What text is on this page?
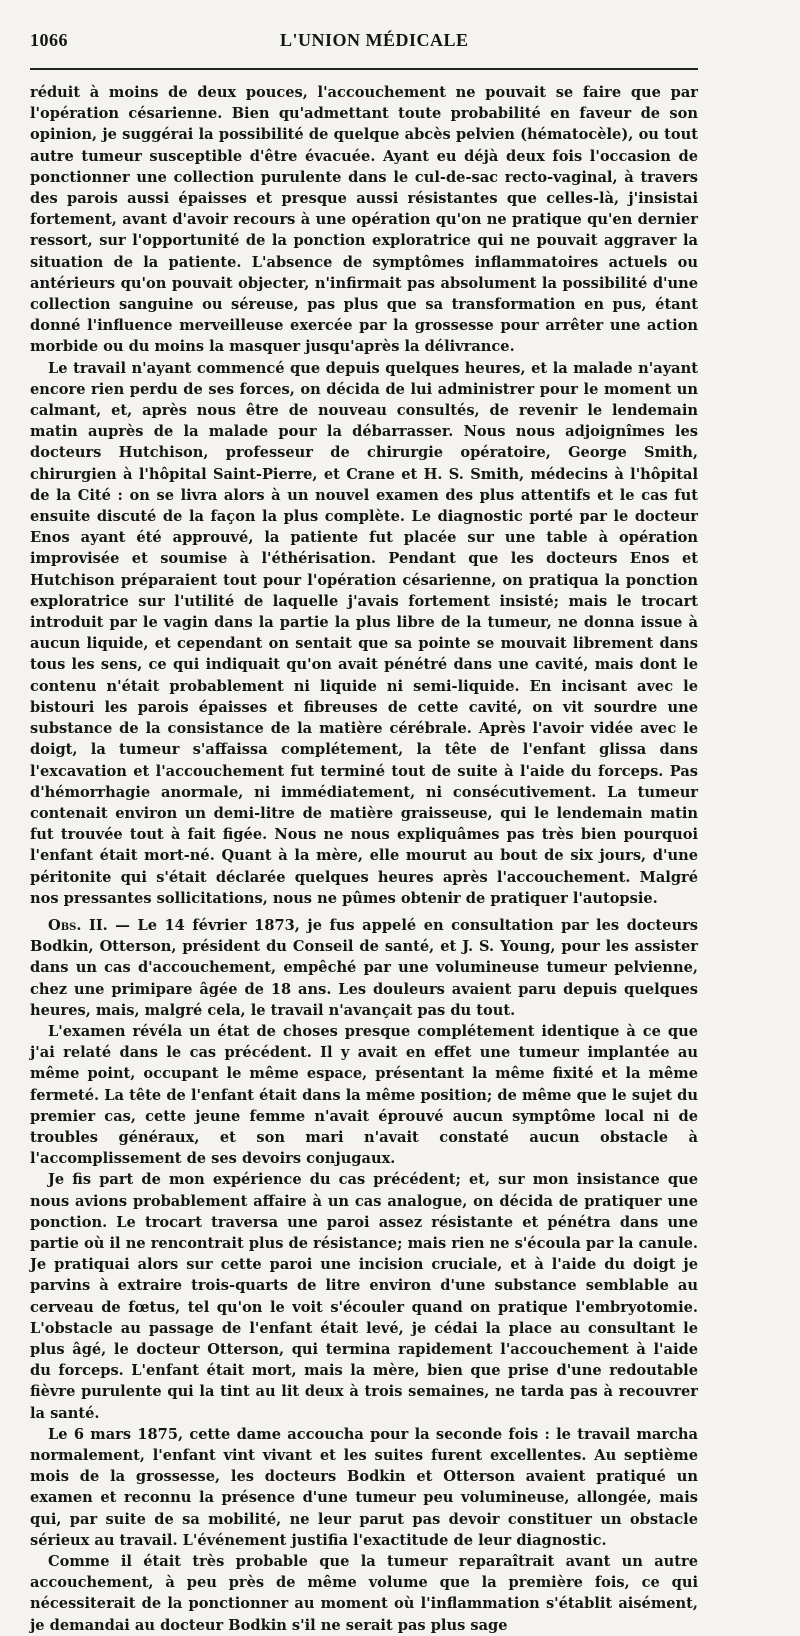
1066	L'UNION MÉDICALE

réduit à moins de deux pouces, l'accouchement ne pouvait se faire que par l'opération césarienne. Bien qu'admettant toute probabilité en faveur de son opinion, je suggérai la possibilité de quelque abcès pelvien (hématocèle), ou tout autre tumeur susceptible d'être évacuée. Ayant eu déjà deux fois l'occasion de ponctionner une collection purulente dans le cul-de-sac recto-vaginal, à travers des parois aussi épaisses et presque aussi résistantes que celles-là, j'insistai fortement, avant d'avoir recours à une opération qu'on ne pratique qu'en dernier ressort, sur l'opportunité de la ponction exploratrice qui ne pouvait aggraver la situation de la patiente. L'absence de symptômes inflammatoires actuels ou antérieurs qu'on pouvait objecter, n'infirmait pas absolument la possibilité d'une collection sanguine ou séreuse, pas plus que sa transformation en pus, étant donné l'influence merveilleuse exercée par la grossesse pour arrêter une action morbide ou du moins la masquer jusqu'après la délivrance.

Le travail n'ayant commencé que depuis quelques heures, et la malade n'ayant encore rien perdu de ses forces, on décida de lui administrer pour le moment un calmant, et, après nous être de nouveau consultés, de revenir le lendemain matin auprès de la malade pour la débarrasser. Nous nous adjoignîmes les docteurs Hutchison, professeur de chirurgie opératoire, George Smith, chirurgien à l'hôpital Saint-Pierre, et Crane et H. S. Smith, médecins à l'hôpital de la Cité : on se livra alors à un nouvel examen des plus attentifs et le cas fut ensuite discuté de la façon la plus complète. Le diagnostic porté par le docteur Enos ayant été approuvé, la patiente fut placée sur une table à opération improvisée et soumise à l'éthérisation. Pendant que les docteurs Enos et Hutchison préparaient tout pour l'opération césarienne, on pratiqua la ponction exploratrice sur l'utilité de laquelle j'avais fortement insisté; mais le trocart introduit par le vagin dans la partie la plus libre de la tumeur, ne donna issue à aucun liquide, et cependant on sentait que sa pointe se mouvait librement dans tous les sens, ce qui indiquait qu'on avait pénétré dans une cavité, mais dont le contenu n'était probablement ni liquide ni semi-liquide. En incisant avec le bistouri les parois épaisses et fibreuses de cette cavité, on vit sourdre une substance de la consistance de la matière cérébrale. Après l'avoir vidée avec le doigt, la tumeur s'affaissa complétement, la tête de l'enfant glissa dans l'excavation et l'accouchement fut terminé tout de suite à l'aide du forceps. Pas d'hémorrhagie anormale, ni immédiatement, ni consécutivement. La tumeur contenait environ un demi-litre de matière graisseuse, qui le lendemain matin fut trouvée tout à fait figée. Nous ne nous expliquâmes pas très bien pourquoi l'enfant était mort-né. Quant à la mère, elle mourut au bout de six jours, d'une péritonite qui s'était déclarée quelques heures après l'accouchement. Malgré nos pressantes sollicitations, nous ne pûmes obtenir de pratiquer l'autopsie.

Obs. II. — Le 14 février 1873, je fus appelé en consultation par les docteurs Bodkin, Otterson, président du Conseil de santé, et J. S. Young, pour les assister dans un cas d'accouchement, empêché par une volumineuse tumeur pelvienne, chez une primipare âgée de 18 ans. Les douleurs avaient paru depuis quelques heures, mais, malgré cela, le travail n'avançait pas du tout.

L'examen révéla un état de choses presque complétement identique à ce que j'ai relaté dans le cas précédent. Il y avait en effet une tumeur implantée au même point, occupant le même espace, présentant la même fixité et la même fermeté. La tête de l'enfant était dans la même position; de même que le sujet du premier cas, cette jeune femme n'avait éprouvé aucun symptôme local ni de troubles généraux, et son mari n'avait constaté aucun obstacle à l'accomplissement de ses devoirs conjugaux.

Je fis part de mon expérience du cas précédent; et, sur mon insistance que nous avions probablement affaire à un cas analogue, on décida de pratiquer une ponction. Le trocart traversa une paroi assez résistante et pénétra dans une partie où il ne rencontrait plus de résistance; mais rien ne s'écoula par la canule. Je pratiquai alors sur cette paroi une incision cruciale, et à l'aide du doigt je parvins à extraire trois-quarts de litre environ d'une substance semblable au cerveau de fœtus, tel qu'on le voit s'écouler quand on pratique l'embryotomie. L'obstacle au passage de l'enfant était levé, je cédai la place au consultant le plus âgé, le docteur Otterson, qui termina rapidement l'accouchement à l'aide du forceps. L'enfant était mort, mais la mère, bien que prise d'une redoutable fièvre purulente qui la tint au lit deux à trois semaines, ne tarda pas à recouvrer la santé.

Le 6 mars 1875, cette dame accoucha pour la seconde fois : le travail marcha normalement, l'enfant vint vivant et les suites furent excellentes. Au septième mois de la grossesse, les docteurs Bodkin et Otterson avaient pratiqué un examen et reconnu la présence d'une tumeur peu volumineuse, allongée, mais qui, par suite de sa mobilité, ne leur parut pas devoir constituer un obstacle sérieux au travail. L'événement justifia l'exactitude de leur diagnostic.

Comme il était très probable que la tumeur reparaîtrait avant un autre accouchement, à peu près de même volume que la première fois, ce qui nécessiterait de la ponctionner au moment où l'inflammation s'établit aisément, je demandai au docteur Bodkin s'il ne serait pas plus sage
